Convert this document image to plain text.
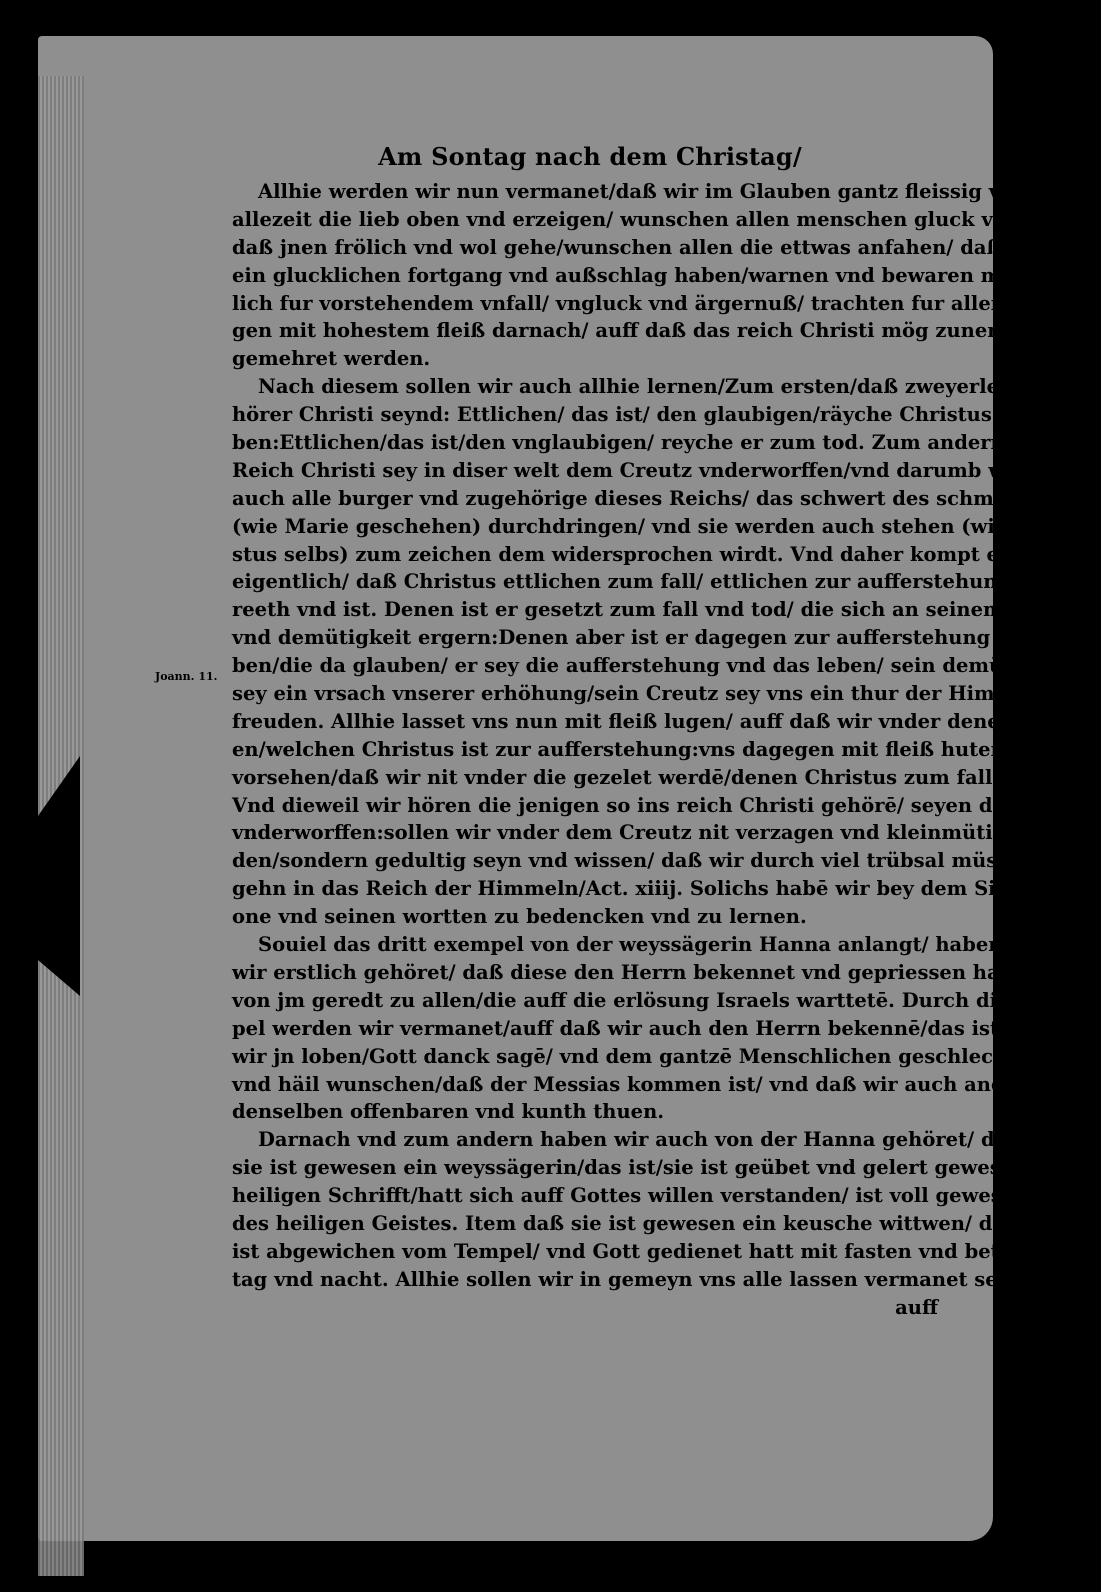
Am Sontag nach dem Christag/
Joann. 11.
Allhie werden wir nun vermanet/daß wir im Glauben gantz fleissig vnd
allezeit die lieb oben vnd erzeigen/ wunschen allen menschen gluck vnd häil/
daß jnen frölich vnd wol gehe/wunschen allen die ettwas anfahen/ daß sie
ein glucklichen fortgang vnd außschlag haben/warnen vnd bewaren menig-
lich fur vorstehendem vnfall/ vngluck vnd ärgernuß/ trachten fur allen din-
gen mit hohestem fleiß darnach/ auff daß das reich Christi mög zunemē vnd
gemehret werden.
Nach diesem sollen wir auch allhie lernen/Zum ersten/daß zweyerley zu-
hörer Christi seynd: Ettlichen/ das ist/ den glaubigen/räyche Christus zum le-
ben:Ettlichen/das ist/den vnglaubigen/ reyche er zum tod. Zum andern/das
Reich Christi sey in diser welt dem Creutz vnderworffen/vnd darumb werden
auch alle burger vnd zugehörige dieses Reichs/ das schwert des schmertzens
(wie Marie geschehen) durchdringen/ vnd sie werden auch stehen (wie Chri-
stus selbs) zum zeichen dem widersprochen wirdt. Vnd daher kompt es auch
eigentlich/ daß Christus ettlichen zum fall/ ettlichen zur aufferstehung ge-
reeth vnd ist. Denen ist er gesetzt zum fall vnd tod/ die sich an seinem Creutz
vnd demütigkeit ergern:Denen aber ist er dagegen zur aufferstehung vnd le-
ben/die da glauben/ er sey die aufferstehung vnd das leben/ sein demütigkeit
sey ein vrsach vnserer erhöhung/sein Creutz sey vns ein thur der Himmelischē
freuden. Allhie lasset vns nun mit fleiß lugen/ auff daß wir vnder denen seyē
en/welchen Christus ist zur aufferstehung:vns dagegen mit fleiß huten vnd
vorsehen/daß wir nit vnder die gezelet werdē/denen Christus zum fall reycht.
Vnd dieweil wir hören die jenigen so ins reich Christi gehörē/ seyen dem creutz
vnderworffen:sollen wir vnder dem Creutz nit verzagen vnd kleinmütig wer-
den/sondern gedultig seyn vnd wissen/ daß wir durch viel trübsal müssen eyn-
gehn in das Reich der Himmeln/Act. xiiij. Solichs habē wir bey dem Sime-
one vnd seinen wortten zu bedencken vnd zu lernen.
Souiel das dritt exempel von der weyssägerin Hanna anlangt/ haben
wir erstlich gehöret/ daß diese den Herrn bekennet vnd gepriessen hatt/ auch
von jm geredt zu allen/die auff die erlösung Israels warttetē. Durch diß exē-
pel werden wir vermanet/auff daß wir auch den Herrn bekennē/das ist/daß
wir jn loben/Gott danck sagē/ vnd dem gantzē Menschlichen geschlecht gluck
vnd häil wunschen/daß der Messias kommen ist/ vnd daß wir auch andern
denselben offenbaren vnd kunth thuen.
Darnach vnd zum andern haben wir auch von der Hanna gehöret/ daß
sie ist gewesen ein weyssägerin/das ist/sie ist geübet vnd gelert gewesen in der
heiligen Schrifft/hatt sich auff Gottes willen verstanden/ ist voll gewesen
des heiligen Geistes. Item daß sie ist gewesen ein keusche wittwen/ daß sie nit
ist abgewichen vom Tempel/ vnd Gott gedienet hatt mit fasten vnd betten
tag vnd nacht. Allhie sollen wir in gemeyn vns alle lassen vermanet seyn/
auff
